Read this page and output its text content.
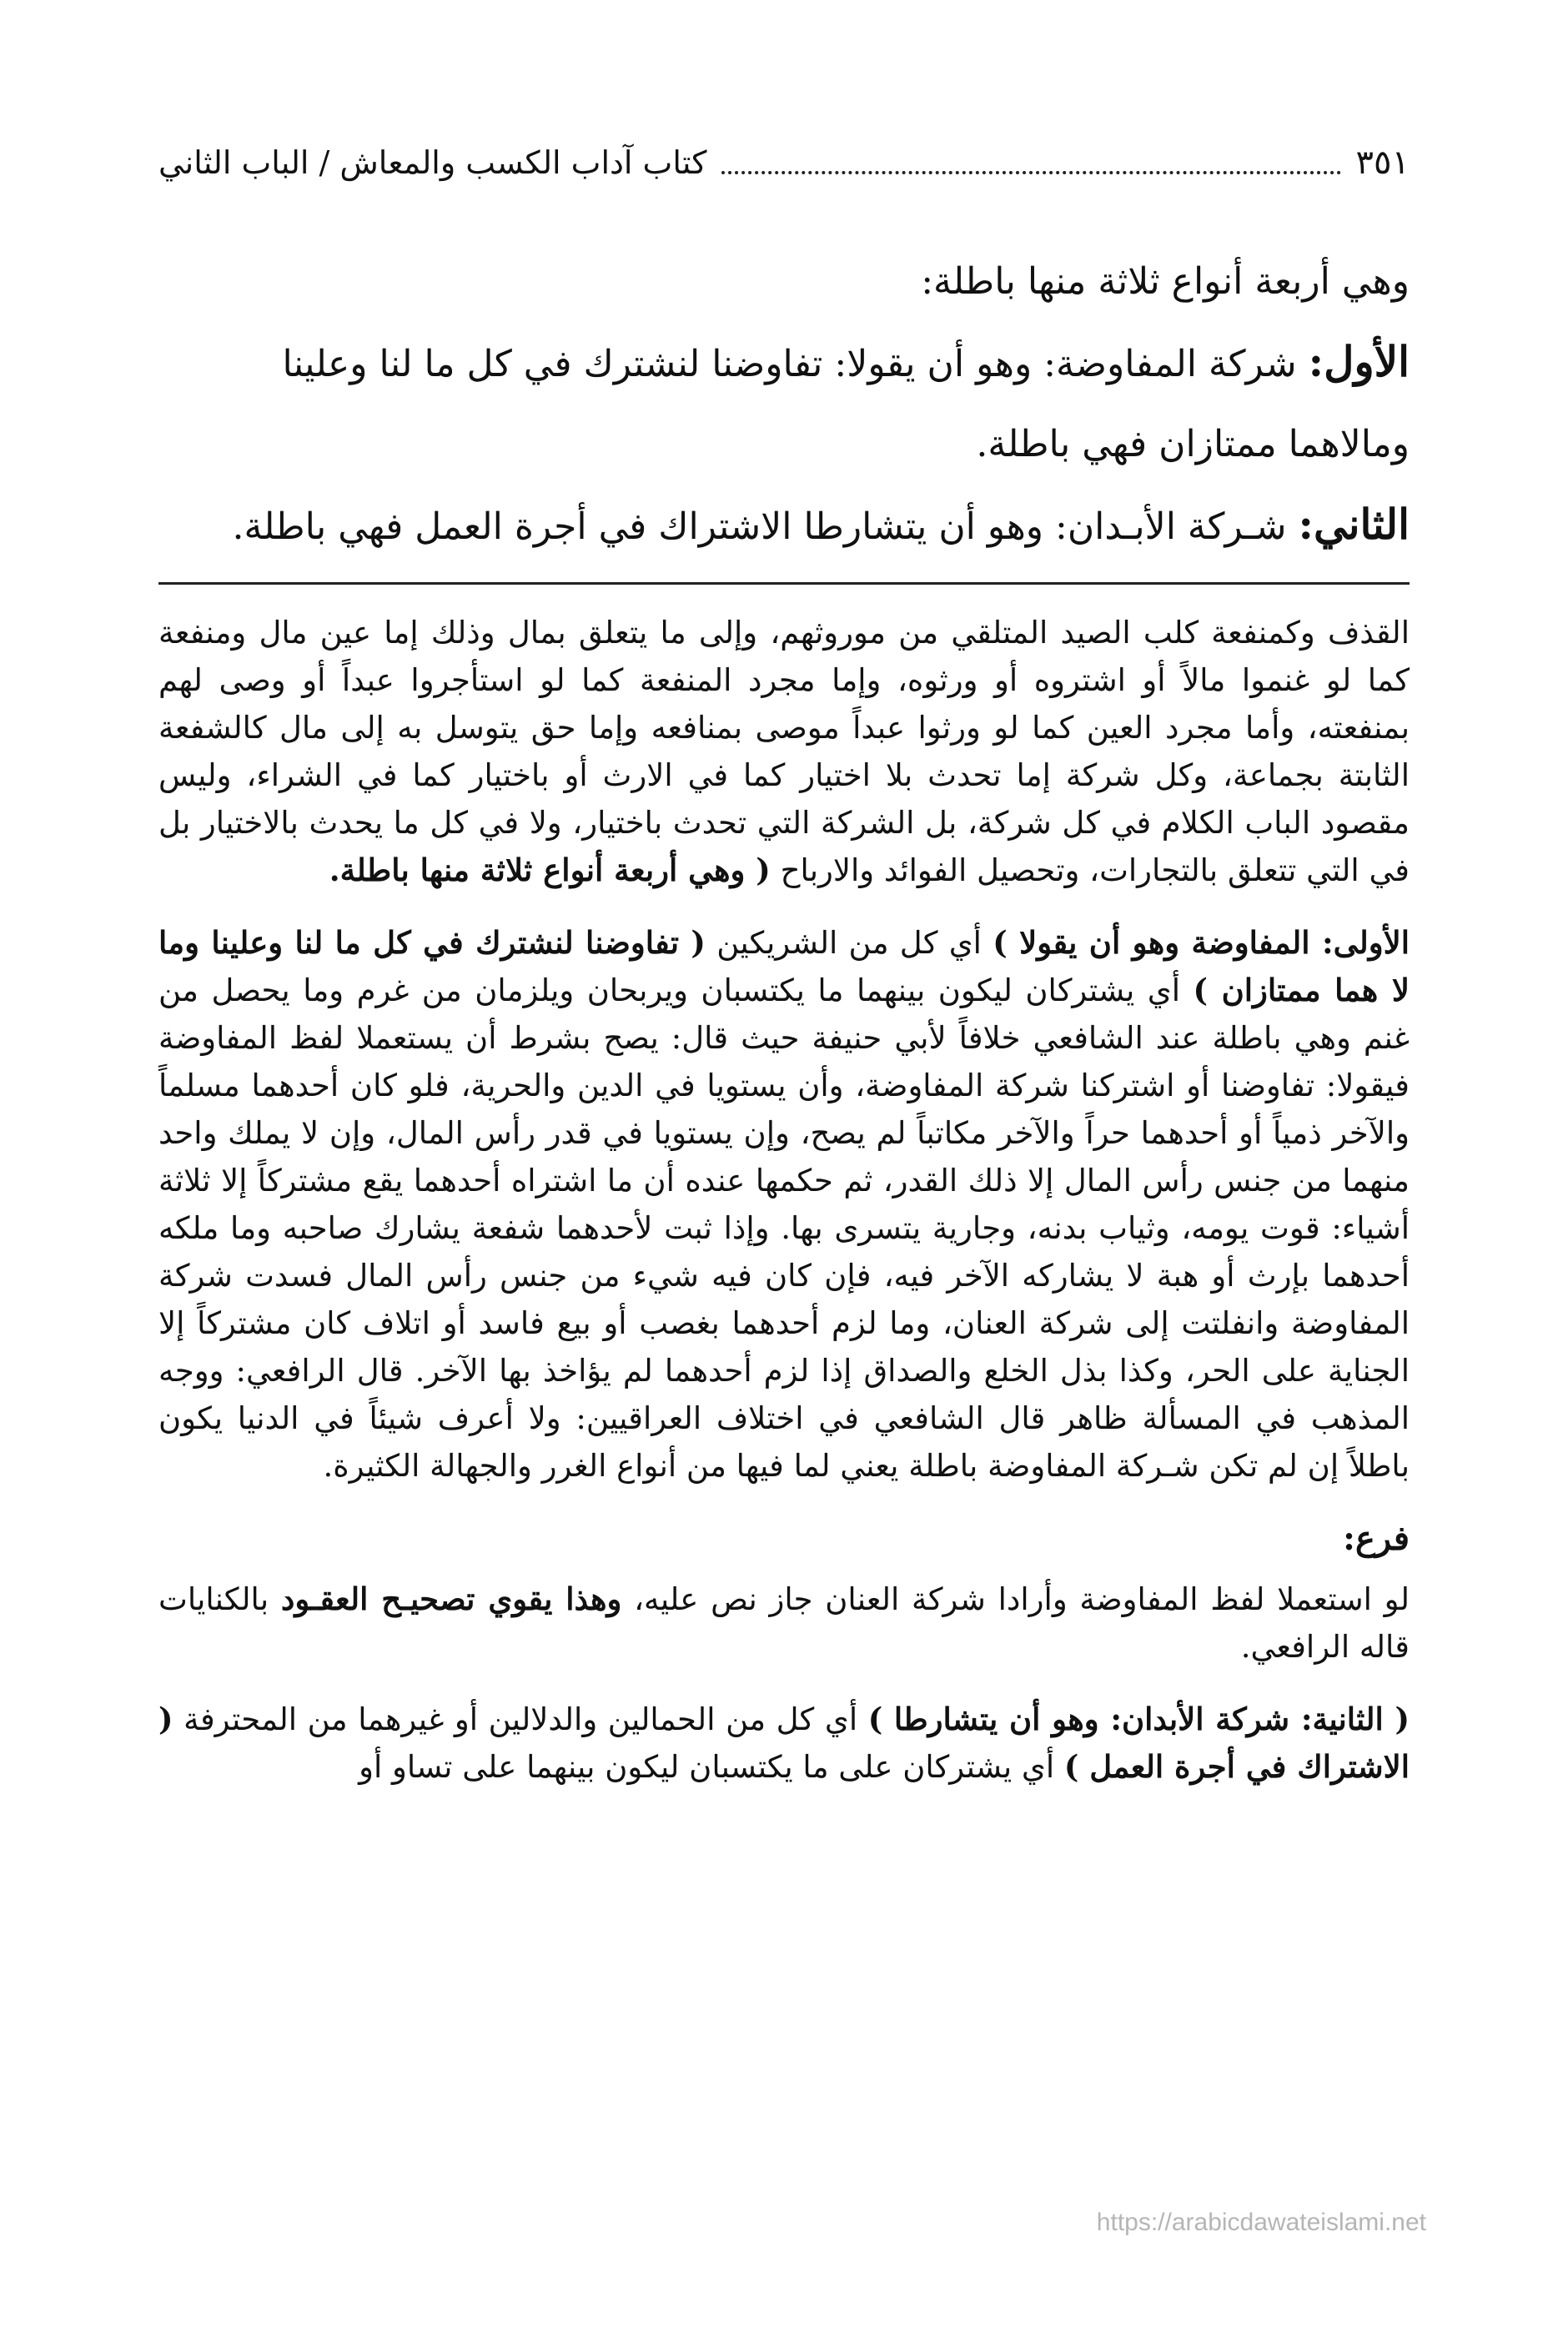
كتاب آداب الكسب والمعاش / الباب الثاني	٣٥١

وهي أربعة أنواع ثلاثة منها باطلة:

الأول: شركة المفاوضة: وهو أن يقولا: تفاوضنا لنشترك في كل ما لنا وعلينا ومالاهما ممتازان فهي باطلة.

الثاني: شـركة الأبـدان: وهو أن يتشارطا الاشتراك في أجرة العمل فهي باطلة.

القذف وكمنفعة كلب الصيد المتلقي من موروثهم، وإلى ما يتعلق بمال وذلك إما عين مال ومنفعة كما لو غنموا مالاً أو اشتروه أو ورثوه، وإما مجرد المنفعة كما لو استأجروا عبداً أو وصى لهم بمنفعته، وأما مجرد العين كما لو ورثوا عبداً موصى بمنافعه وإما حق يتوسل به إلى مال كالشفعة الثابتة بجماعة، وكل شركة إما تحدث بلا اختيار كما في الارث أو باختيار كما في الشراء، وليس مقصود الباب الكلام في كل شركة، بل الشركة التي تحدث باختيار، ولا في كل ما يحدث بالاختيار بل في التي تتعلق بالتجارات، وتحصيل الفوائد والارباح ( وهي أربعة أنواع ثلاثة منها باطلة.

الأولى: المفاوضة وهو أن يقولا ) أي كل من الشريكين ( تفاوضنا لنشترك في كل ما لنا وعلينا وما لا هما ممتازان ) أي يشتركان ليكون بينهما ما يكتسبان ويربحان ويلزمان من غرم وما يحصل من غنم وهي باطلة عند الشافعي خلافاً لأبي حنيفة حيث قال: يصح بشرط أن يستعملا لفظ المفاوضة فيقولا: تفاوضنا أو اشتركنا شركة المفاوضة، وأن يستويا في الدين والحرية، فلو كان أحدهما مسلماً والآخر ذمياً أو أحدهما حراً والآخر مكاتباً لم يصح، وإن يستويا في قدر رأس المال، وإن لا يملك واحد منهما من جنس رأس المال إلا ذلك القدر، ثم حكمها عنده أن ما اشتراه أحدهما يقع مشتركاً إلا ثلاثة أشياء: قوت يومه، وثياب بدنه، وجارية يتسرى بها. وإذا ثبت لأحدهما شفعة يشارك صاحبه وما ملكه أحدهما بإرث أو هبة لا يشاركه الآخر فيه، فإن كان فيه شيء من جنس رأس المال فسدت شركة المفاوضة وانفلتت إلى شركة العنان، وما لزم أحدهما بغصب أو بيع فاسد أو اتلاف كان مشتركاً إلا الجناية على الحر، وكذا بذل الخلع والصداق إذا لزم أحدهما لم يؤاخذ بها الآخر. قال الرافعي: ووجه المذهب في المسألة ظاهر قال الشافعي في اختلاف العراقيين: ولا أعرف شيئاً في الدنيا يكون باطلاً إن لم تكن شـركة المفاوضة باطلة يعني لما فيها من أنواع الغرر والجهالة الكثيرة.

فرع:

لو استعملا لفظ المفاوضة وأرادا شركة العنان جاز نص عليه، وهذا يقوي تصحيـح العقـود بالكنايات قاله الرافعي.

( الثانية: شركة الأبدان: وهو أن يتشارطا ) أي كل من الحمالين والدلالين أو غيرهما من المحترفة ( الاشتراك في أجرة العمل ) أي يشتركان على ما يكتسبان ليكون بينهما على تساو أو

https://arabicdawateislami.net
